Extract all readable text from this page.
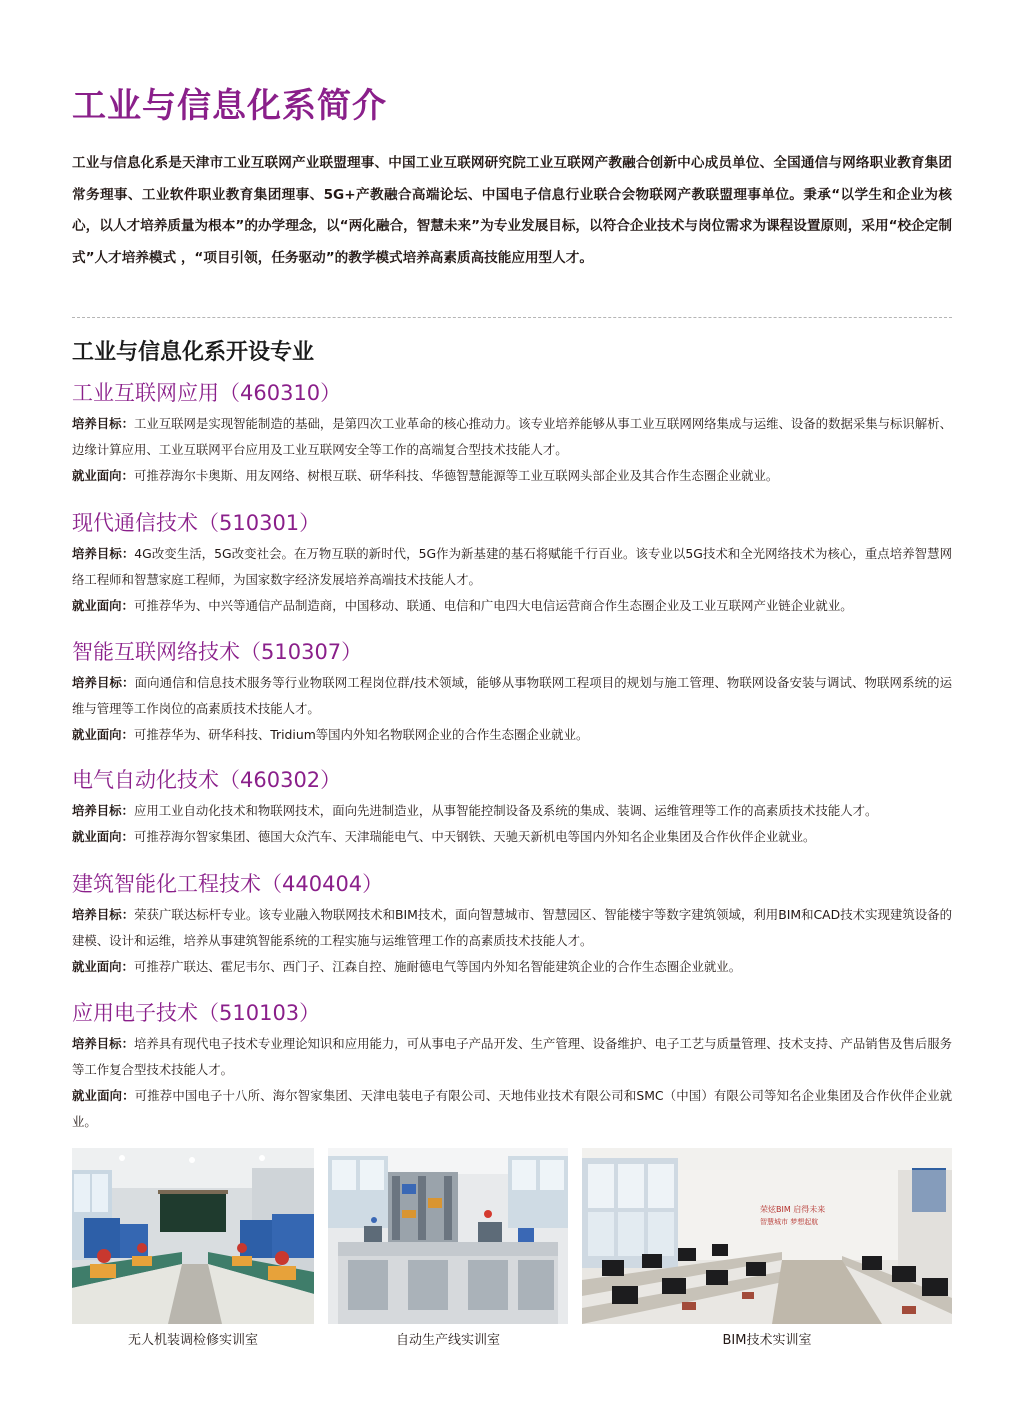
工业与信息化系简介

工业与信息化系是天津市工业互联网产业联盟理事、中国工业互联网研究院工业互联网产教融合创新中心成员单位、全国通信与网络职业教育集团常务理事、工业软件职业教育集团理事、5G+产教融合高端论坛、中国电子信息行业联合会物联网产教联盟理事单位。秉承“以学生和企业为核心，以人才培养质量为根本”的办学理念，以“两化融合，智慧未来”为专业发展目标，以符合企业技术与岗位需求为课程设置原则，采用“校企定制式”人才培养模式 ，“项目引领，任务驱动”的教学模式培养高素质高技能应用型人才。

工业与信息化系开设专业
工业互联网应用（460310）

培养目标：工业互联网是实现智能制造的基础，是第四次工业革命的核心推动力。该专业培养能够从事工业互联网网络集成与运维、设备的数据采集与标识解析、边缘计算应用、工业互联网平台应用及工业互联网安全等工作的高端复合型技术技能人才。

就业面向：可推荐海尔卡奥斯、用友网络、树根互联、研华科技、华德智慧能源等工业互联网头部企业及其合作生态圈企业就业。

现代通信技术（510301）

培养目标：4G改变生活，5G改变社会。在万物互联的新时代，5G作为新基建的基石将赋能千行百业。该专业以5G技术和全光网络技术为核心，重点培养智慧网络工程师和智慧家庭工程师，为国家数字经济发展培养高端技术技能人才。

就业面向：可推荐华为、中兴等通信产品制造商，中国移动、联通、电信和广电四大电信运营商合作生态圈企业及工业互联网产业链企业就业。

智能互联网络技术（510307）

培养目标：面向通信和信息技术服务等行业物联网工程岗位群/技术领域，能够从事物联网工程项目的规划与施工管理、物联网设备安装与调试、物联网系统的运维与管理等工作岗位的高素质技术技能人才。

就业面向：可推荐华为、研华科技、Tridium等国内外知名物联网企业的合作生态圈企业就业。

电气自动化技术（460302）

培养目标：应用工业自动化技术和物联网技术，面向先进制造业，从事智能控制设备及系统的集成、装调、运维管理等工作的高素质技术技能人才。

就业面向：可推荐海尔智家集团、德国大众汽车、天津瑞能电气、中天钢铁、天驰天新机电等国内外知名企业集团及合作伙伴企业就业。

建筑智能化工程技术（440404）

培养目标：荣获广联达标杆专业。该专业融入物联网技术和BIM技术，面向智慧城市、智慧园区、智能楼宇等数字建筑领域，利用BIM和CAD技术实现建筑设备的建模、设计和运维，培养从事建筑智能系统的工程实施与运维管理工作的高素质技术技能人才。

就业面向：可推荐广联达、霍尼韦尔、西门子、江森自控、施耐德电气等国内外知名智能建筑企业的合作生态圈企业就业。

应用电子技术（510103）

培养目标：培养具有现代电子技术专业理论知识和应用能力，可从事电子产品开发、生产管理、设备维护、电子工艺与质量管理、技术支持、产品销售及售后服务等工作复合型技术技能人才。

就业面向：可推荐中国电子十八所、海尔智家集团、天津电装电子有限公司、天地伟业技术有限公司和SMC（中国）有限公司等知名企业集团及合作伙伴企业就业。

荣炫BIM 启得未来
智慧城市 梦想起航
无人机装调检修实训室	自动生产线实训室	BIM技术实训室
